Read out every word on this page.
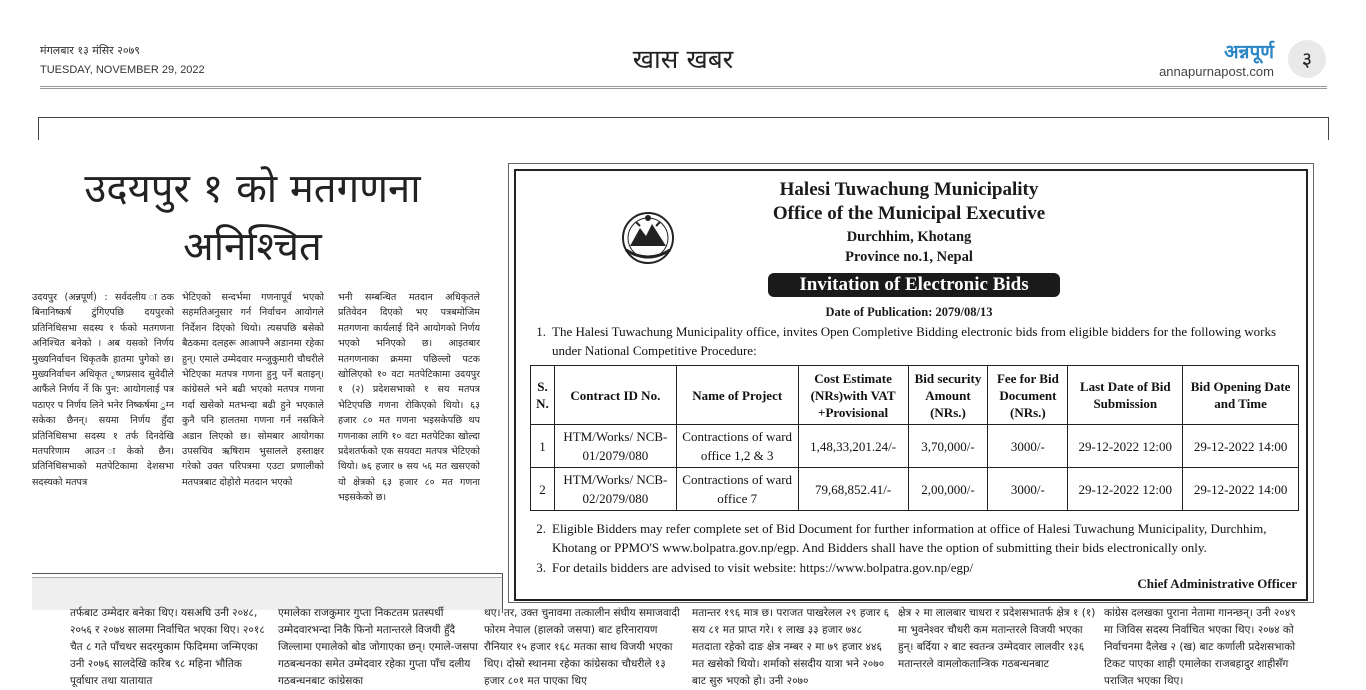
मंगलबार १३ मंसिर २०७९
TUESDAY, NOVEMBER 29, 2022	खास खबर	अन्नपूर्ण
annapurnapost.com
३
उदयपुर १ को मतगणना
अनिश्चित
उदयपुर (अन्नपूर्ण) : सर्वदलीय ाठक बिनानिष्कर्ष टुंगिएपछि दयपुरको प्रतिनिधिसभा सदस्य १ र्फको मतगणना अनिश्चित बनेको । अब यसको निर्णय मुख्यनिर्वाचन धिकृतकै हातमा पुगेको छ। मुख्यनिर्वाचन अधिकृत ृष्णप्रसाद सुवेदीले आफैंले निर्णय र्ने कि पुन: आयोगलाई पत्र पठाएर प निर्णय लिने भनेर निष्कर्षमा ुग्न सकेका छैनन्। सयमा निर्णय हुँदा प्रतिनिधिसभा सदस्य १ तर्फ दिनदेखि मतपरिणाम आउन ाकेको छैन। प्रतिनिधिसभाको मतपेटिकामा देशसभा सदस्यको मतपत्र
भेटिएको सन्दर्भमा गणनापूर्व भएको सहमतिअनुसार गर्न निर्वाचन आयोगले निर्देशन दिएको थियो। त्यसपछि बसेको बैठकमा दलहरू आआफ्नै अडानमा रहेका हुन्। एमाले उम्मेदवार मन्जुकुमारी चौधरीले भेटिएका मतपत्र गणना हुनु पर्ने बताइन्। कांग्रेसले भने बढी भएको मतपत्र गणना गर्दा खसेको मतभन्दा बढी हुने भएकाले कुनै पनि हालतमा गणना गर्न नसकिने अडान लिएको छ। सोमबार आयोगका उपसचिव ऋषिराम भुसालले हस्ताक्षर गरेको उक्त परिपत्रमा एउटा प्रणालीको मतपत्रबाट दोहोरो मतदान भएको
भनी सम्बन्धित मतदान अधिकृतले प्रतिवेदन दिएको भए पत्रबमोजिम मतगणना कार्यलाई दिने आयोगको निर्णय भएको भनिएको छ। आइतबार मतगणनाका क्रममा पछिल्लो पटक खोलिएको १० वटा मतपेटिकामा उदयपुर १ (२) प्रदेशसभाको १ सय मतपत्र भेटिएपछि गणना रोकिएको थियो। ६३ हजार ८० मत गणना भइसकेपछि थप गणनाका लागि १० वटा मतपेटिका खोल्दा प्रदेशतर्फको एक सयवटा मतपत्र भेटिएको थियो। ७६ हजार ७ सय ५६ मत खसएको यो क्षेत्रको ६३ हजार ८० मत गणना भइसकेको छ।
Halesi Tuwachung Municipality
Office of the Municipal Executive
Durchhim, Khotang
Province no.1, Nepal
Invitation of Electronic Bids
Date of Publication: 2079/08/13
1. The Halesi Tuwachung Municipality office, invites Open Completive Bidding electronic bids from eligible bidders for the following works under National Competitive Procedure:
S. N.	Contract ID No.	Name of Project	Cost Estimate (NRs)with VAT +Provisional	Bid security Amount (NRs.)	Fee for Bid Document (NRs.)	Last Date of Bid Submission	Bid Opening Date and Time
1	HTM/Works/ NCB-01/2079/080	Contractions of ward office 1,2 & 3	1,48,33,201.24/-	3,70,000/-	3000/-	29-12-2022 12:00	29-12-2022 14:00
2	HTM/Works/ NCB-02/2079/080	Contractions of ward office 7	79,68,852.41/-	2,00,000/-	3000/-	29-12-2022 12:00	29-12-2022 14:00
2. Eligible Bidders may refer complete set of Bid Document for further information at office of Halesi Tuwachung Municipality, Durchhim, Khotang or PPMO'S www.bolpatra.gov.np/egp. And Bidders shall have the option of submitting their bids electronically only.
3. For details bidders are advised to visit website: https://www.bolpatra.gov.np/egp/
Chief Administrative Officer
तर्फबाट उम्मेदार बनेका थिए। यसअघि उनी २०४८, २०५६ र २०७४ सालमा निर्वाचित भएका थिए। २०१८ चैत ८ गते पाँचथर सदरमुकाम फिदिममा जन्मिएका उनी २०७६ सालदेखि करिब ९८ महिना भौतिक पूर्वाधार तथा यातायात
एमालेका राजकुमार गुप्ता निकटतम प्रतस्पर्धी उम्मेदवारभन्दा निकै फिनो मतान्तरले विजयी हुँदै जिल्लामा एमालेको बोड जोगाएका छन्। एमाले-जसपा गठबन्धनका समेत उम्मेदवार रहेका गुप्ता पाँच दलीय गठबन्धनबाट कांग्रेसका
थए। तर, उक्त चुनावमा तत्कालीन संघीय समाजवादी फोरम नेपाल (हालको जसपा) बाट हरिनारायण रौनियार १५ हजार १६८ मतका साथ विजयी भएका थिए। दोस्रो स्थानमा रहेका कांग्रेसका चौधरीले १३ हजार ८०१ मत पाएका थिए
मतान्तर १९६ मात्र छ। पराजत पाखरेलल २९ हजार ६ सय ८१ मत प्राप्त गरे। १ लाख ३३ हजार ७४८ मतदाता रहेको दाङ क्षेत्र नम्बर २ मा ७९ हजार ४४६ मत खसेको थियो। शर्माको संसदीय यात्रा भने २०७० बाट सुरु भएको हो। उनी २०७०
क्षेत्र २ मा लालबार चाधरा र प्रदेशसभातर्फ क्षेत्र १ (१) मा भुवनेश्वर चौधरी कम मतान्तरले विजयी भएका हुन्। बर्दिया २ बाट स्वतन्त्र उम्मेदवार लालवीर १३६ मतान्तरले वामलोकतान्त्रिक गठबन्धनबाट
कांग्रेस दलखका पुराना नेतामा गानन्छन्। उनी २०४९ मा जिविस सदस्य निर्वाचित भएका थिए। २०७४ को निर्वाचनमा दैलेख २ (ख) बाट कर्णाली प्रदेशसभाको टिकट पाएका शाही एमालेका राजबहादुर शाहीसँग पराजित भएका थिए।
